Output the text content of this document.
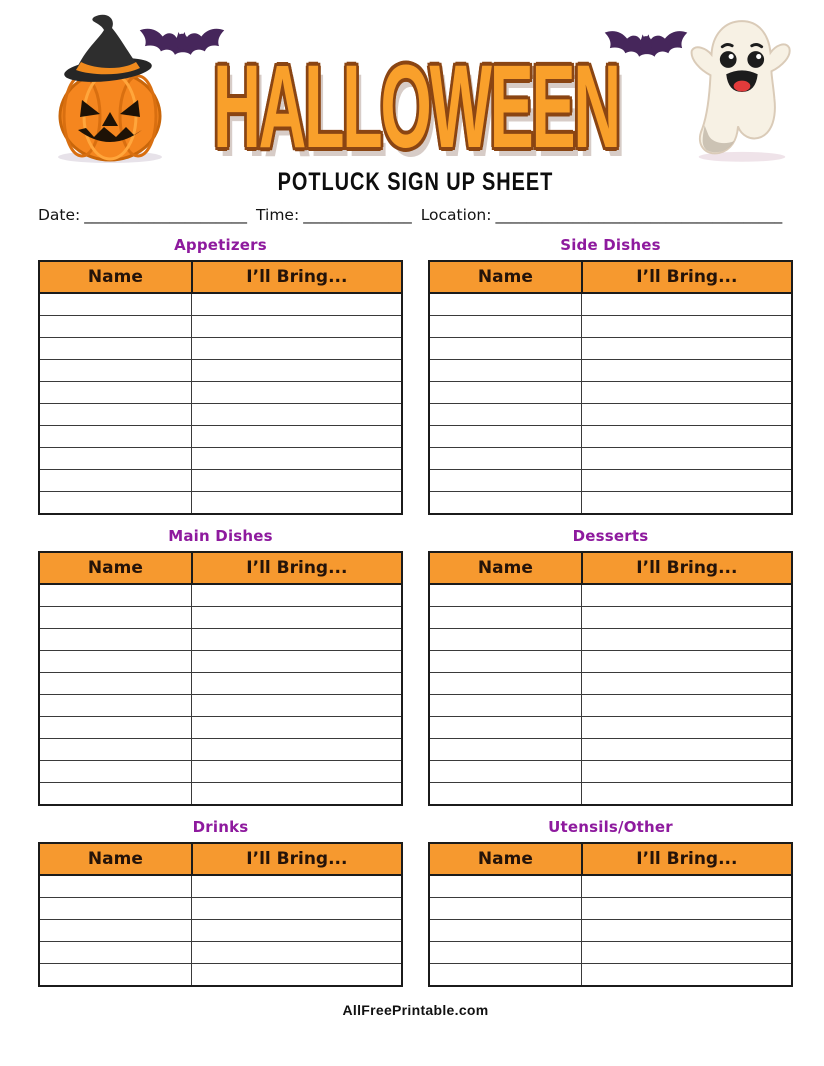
HALLOWEEN
POTLUCK SIGN UP SHEET
Date: _____________________ Time: ______________ Location: _____________________________________
Appetizers
Name	I’ll Bring...

Side Dishes
Name	I’ll Bring...

Main Dishes
Name	I’ll Bring...

Desserts
Name	I’ll Bring...

Drinks
Name	I’ll Bring...

Utensils/Other
Name	I’ll Bring...

AllFreePrintable.com
